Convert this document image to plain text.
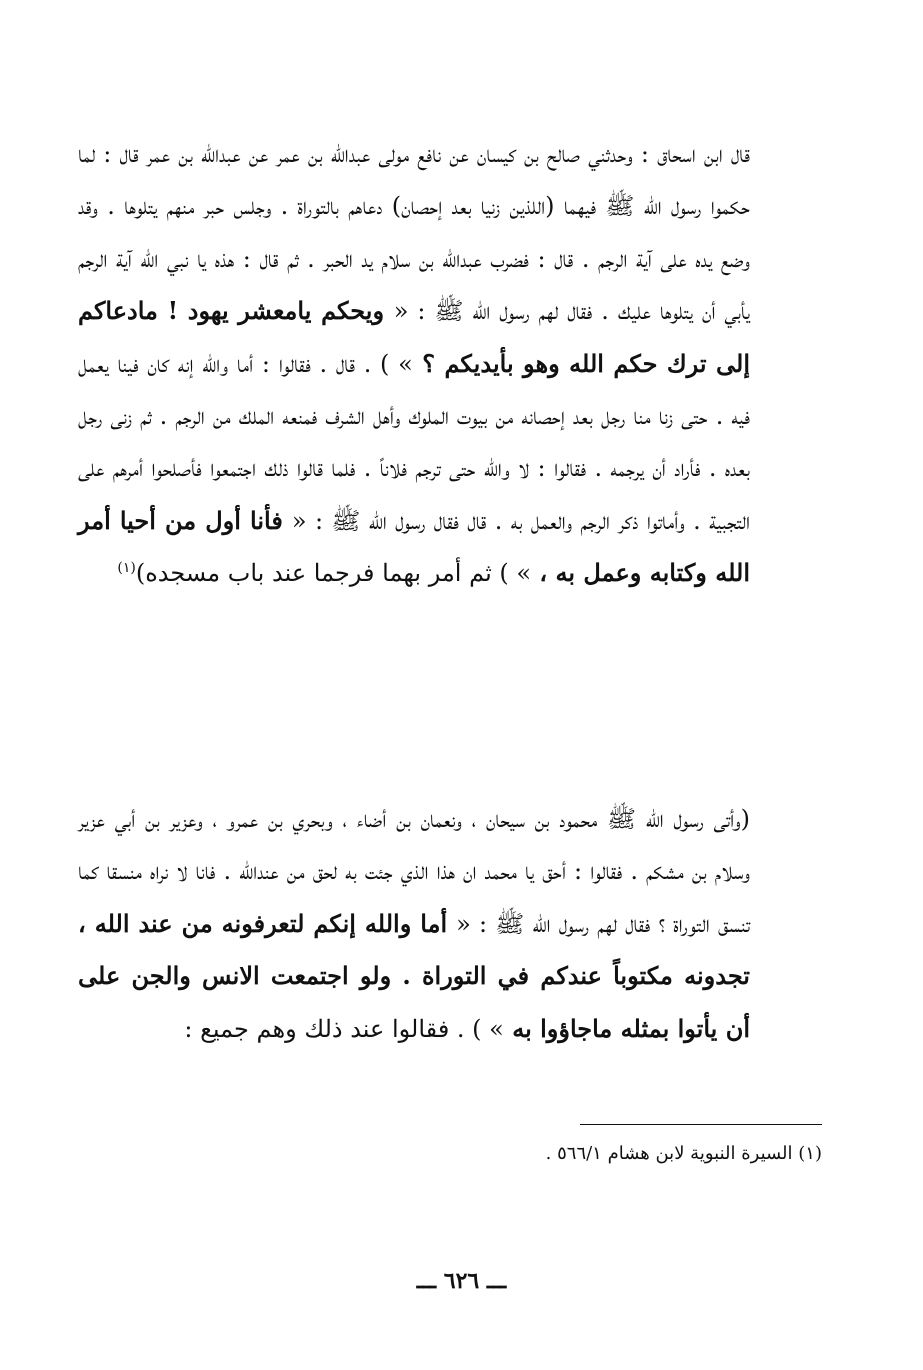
قال ابن اسحاق : وحدثني صالح بن كيسان عن نافع مولى عبدالله بن عمر عن عبدالله بن عمر قال : لما حكموا رسول الله ﷺ فيهما (اللذين زنيا بعد إحصان) دعاهم بالتوراة . وجلس حبر منهم يتلوها . وقد وضع يده على آية الرجم . قال : فضرب عبدالله بن سلام يد الحبر . ثم قال : هذه يا نبي الله آية الرجم يأبي أن يتلوها عليك . فقال لهم رسول الله ﷺ : « ويحكم يامعشر يهود ! مادعاكم إلى ترك حكم الله وهو بأيديكم ؟ » ) . قال . فقالوا : أما والله إنه كان فينا يعمل فيه . حتى زنا منا رجل بعد إحصانه من بيوت الملوك وأهل الشرف فمنعه الملك من الرجم . ثم زنى رجل بعده . فأراد أن يرجمه . فقالوا : لا والله حتى ترجم فلاناً . فلما قالوا ذلك اجتمعوا فأصلحوا أمرهم على التجبية . وأماتوا ذكر الرجم والعمل به . قال فقال رسول الله ﷺ : « فأنا أول من أحيا أمر الله وكتابه وعمل به ، » ) ثم أمر بهما فرجما عند باب مسجده)$^{(١)}$
(وأتى رسول الله ﷺ محمود بن سيحان ، ونعمان بن أضاء ، وبحري بن عمرو ، وعزير بن أبي عزير وسلام بن مشكم . فقالوا : أحق يا محمد ان هذا الذي جئت به لحق من عندالله . فانا لا نراه منسقا كما تنسق التوراة ؟ فقال لهم رسول الله ﷺ : « أما والله إنكم لتعرفونه من عند الله ، تجدونه مكتوباً عندكم في التوراة . ولو اجتمعت الانس والجن على أن يأتوا بمثله ماجاؤوا به » ) . فقالوا عند ذلك وهم جميع :
(١) السيرة النبوية لابن هشام ٥٦٦/١ .
ـــ ٦٢٦ ـــ
